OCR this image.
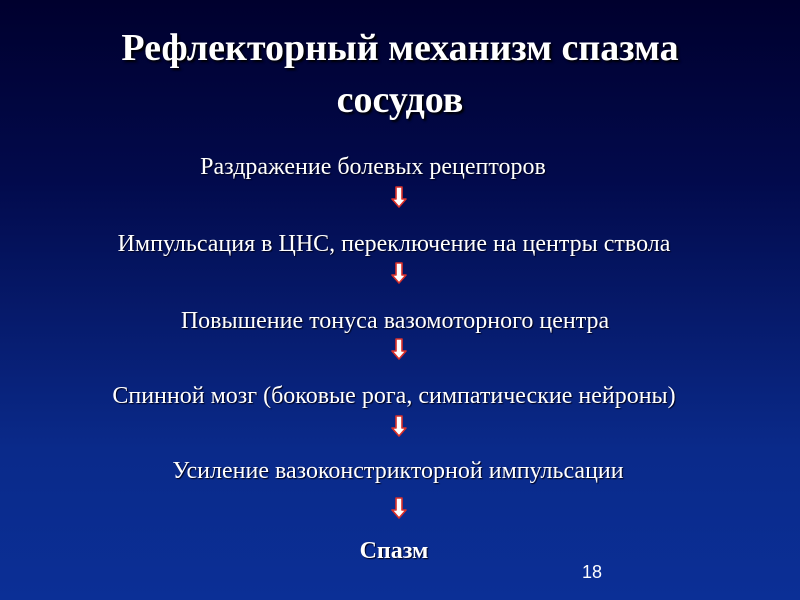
Рефлекторный механизм спазма
сосудов
Раздражение болевых рецепторов
Импульсация в ЦНС, переключение на центры ствола
Повышение тонуса вазомоторного центра
Спинной мозг (боковые рога, симпатические нейроны)
Усиление вазоконстрикторной импульсации
Спазм
18
